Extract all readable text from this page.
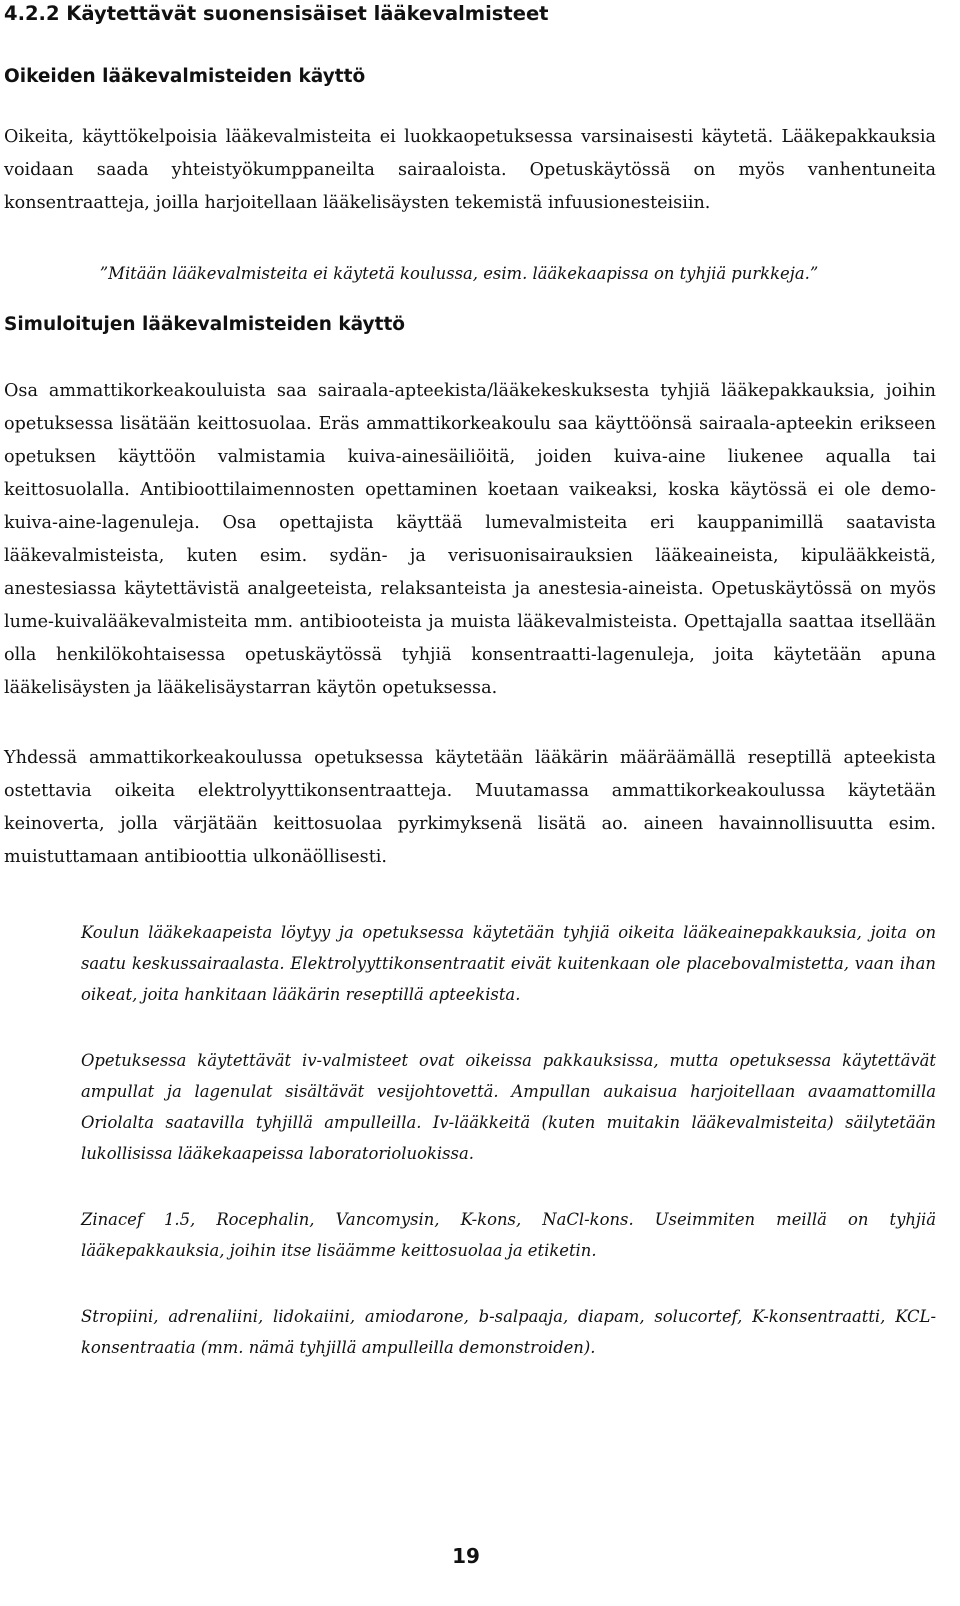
4.2.2 Käytettävät suonensisäiset lääkevalmisteet
Oikeiden lääkevalmisteiden käyttö

Oikeita, käyttökelpoisia lääkevalmisteita ei luokkaopetuksessa varsinaisesti käytetä. Lääkepakkauksia voidaan saada yhteistyökumppaneilta sairaaloista. Opetuskäytössä on myös vanhentuneita konsentraatteja, joilla harjoitellaan lääkelisäysten tekemistä infuusionesteisiin.

”Mitään lääkevalmisteita ei käytetä koulussa, esim. lääkekaapissa on tyhjiä purkkeja.”

Simuloitujen lääkevalmisteiden käyttö

Osa ammattikorkeakouluista saa sairaala-apteekista/lääkekeskuksesta tyhjiä lääkepakkauksia, joihin opetuksessa lisätään keittosuolaa. Eräs ammattikorkeakoulu saa käyttöönsä sairaala-apteekin erikseen opetuksen käyttöön valmistamia kuiva-ainesäiliöitä, joiden kuiva-aine liukenee aqualla tai keittosuolalla. Antibioottilaimennosten opettaminen koetaan vaikeaksi, koska käytössä ei ole demo-kuiva-aine-lagenuleja. Osa opettajista käyttää lumevalmisteita eri kauppanimillä saatavista lääkevalmisteista, kuten esim. sydän- ja verisuonisairauksien lääkeaineista, kipulääkkeistä, anestesiassa käytettävistä analgeeteista, relaksanteista ja anestesia-aineista. Opetuskäytössä on myös lume-kuivalääkevalmisteita mm. antibiooteista ja muista lääkevalmisteista. Opettajalla saattaa itsellään olla henkilökohtaisessa opetuskäytössä tyhjiä konsentraatti-lagenuleja, joita käytetään apuna lääkelisäysten ja lääkelisäystarran käytön opetuksessa.

Yhdessä ammattikorkeakoulussa opetuksessa käytetään lääkärin määräämällä reseptillä apteekista ostettavia oikeita elektrolyyttikonsentraatteja. Muutamassa ammattikorkeakoulussa käytetään keinoverta, jolla värjätään keittosuolaa pyrkimyksenä lisätä ao. aineen havainnollisuutta esim. muistuttamaan antibioottia ulkonäöllisesti.

Koulun lääkekaapeista löytyy ja opetuksessa käytetään tyhjiä oikeita lääkeainepakkauksia, joita on saatu keskussairaalasta. Elektrolyyttikonsentraatit eivät kuitenkaan ole placebovalmistetta, vaan ihan oikeat, joita hankitaan lääkärin reseptillä apteekista.

Opetuksessa käytettävät iv-valmisteet ovat oikeissa pakkauksissa, mutta opetuksessa käytettävät ampullat ja lagenulat sisältävät vesijohtovettä. Ampullan aukaisua harjoitellaan avaamattomilla Oriolalta saatavilla tyhjillä ampulleilla. Iv-lääkkeitä (kuten muitakin lääkevalmisteita) säilytetään lukollisissa lääkekaapeissa laboratorioluokissa.

Zinacef 1.5, Rocephalin, Vancomysin, K-kons, NaCl-kons. Useimmiten meillä on tyhjiä lääkepakkauksia, joihin itse lisäämme keittosuolaa ja etiketin.

Stropiini, adrenaliini, lidokaiini, amiodarone, b-salpaaja, diapam, solucortef, K-konsentraatti, KCL-konsentraatia (mm. nämä tyhjillä ampulleilla demonstroiden).

19
